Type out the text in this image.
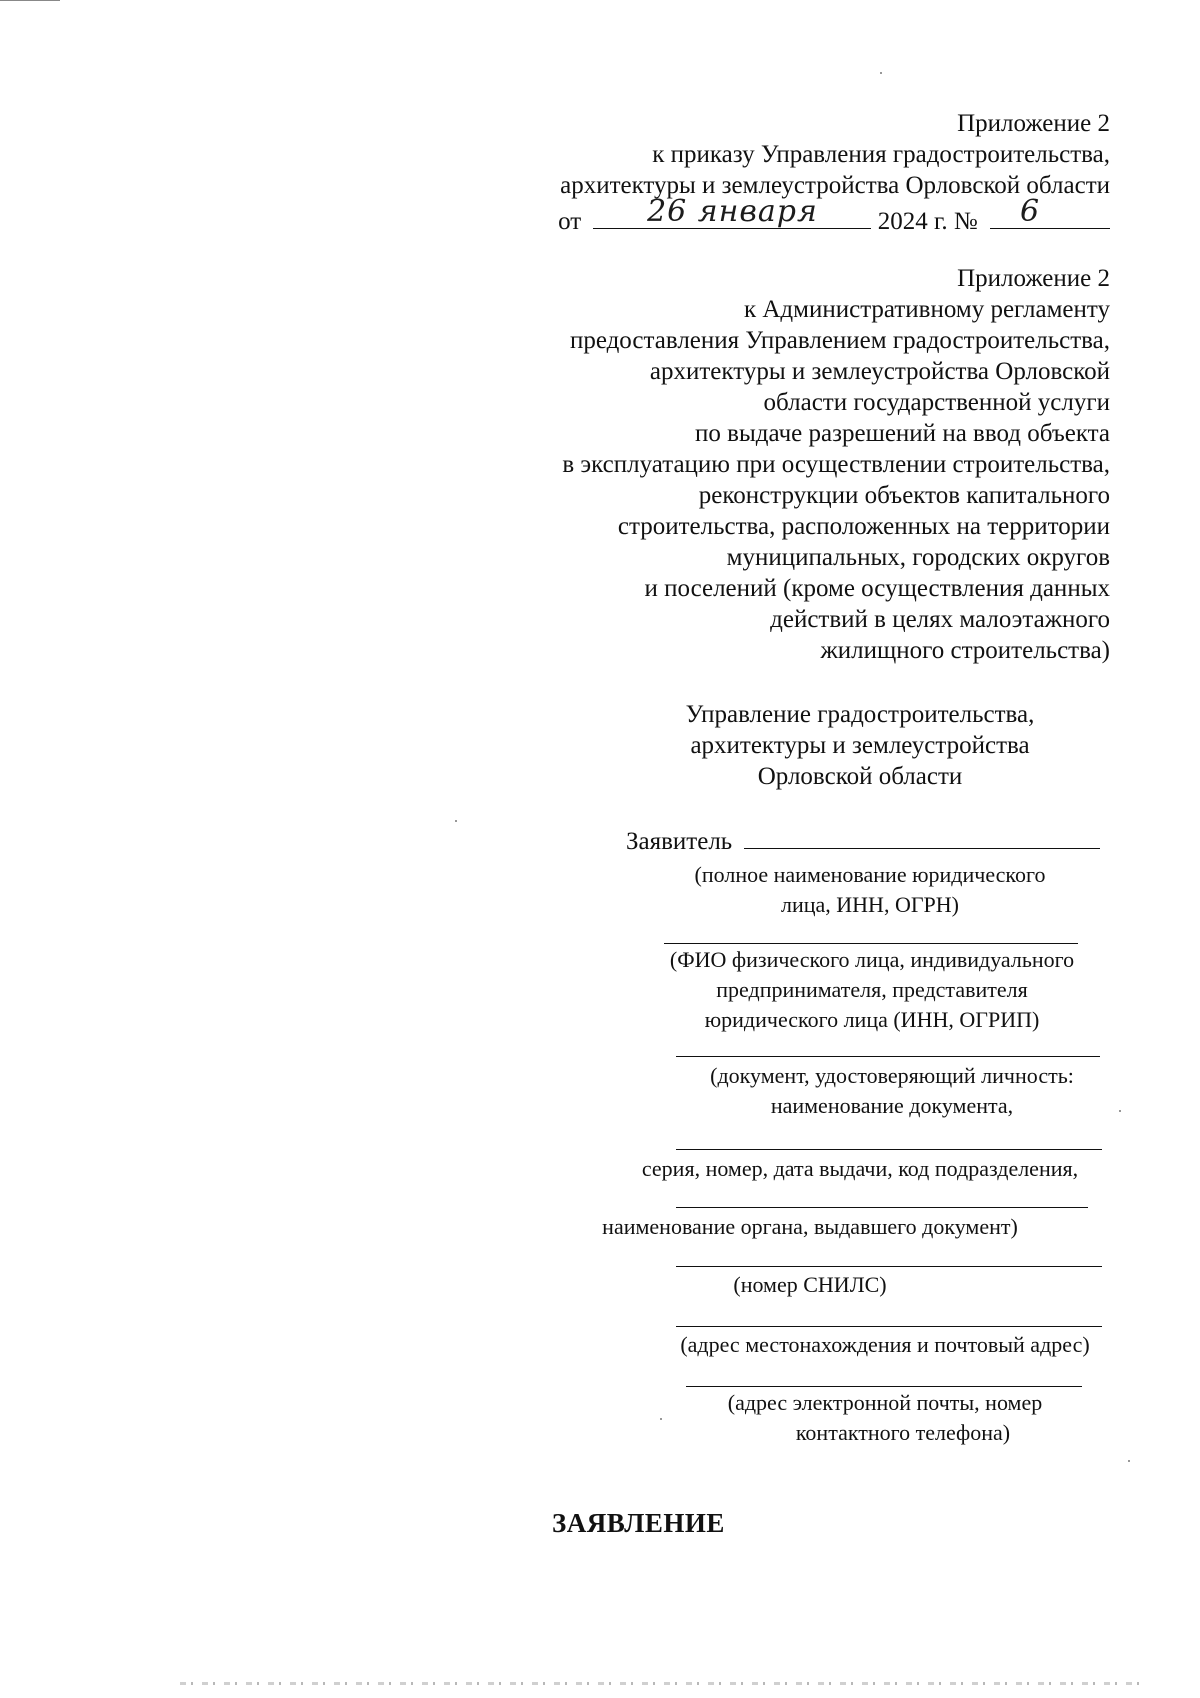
Приложение 2
к приказу Управления градостроительства,
архитектуры и землеустройства Орловской области
от	26 января	2024 г. № 6
Приложение 2
к Административному регламенту
предоставления Управлением градостроительства,
архитектуры и землеустройства Орловской
области государственной услуги
по выдаче разрешений на ввод объекта
в эксплуатацию при осуществлении строительства,
реконструкции объектов капитального
строительства, расположенных на территории
муниципальных, городских округов
и поселений (кроме осуществления данных
действий в целях малоэтажного
жилищного строительства)
Управление градостроительства,
архитектуры и землеустройства
Орловской области
Заявитель
(полное наименование юридического
лица, ИНН, ОГРН)
(ФИО физического лица, индивидуального
предпринимателя, представителя
юридического лица (ИНН, ОГРИП)
(документ, удостоверяющий личность:
наименование документа,
серия, номер, дата выдачи, код подразделения,
наименование органа, выдавшего документ)
(номер СНИЛС)
(адрес местонахождения и почтовый адрес)
(адрес электронной почты, номер
контактного телефона)
ЗАЯВЛЕНИЕ
